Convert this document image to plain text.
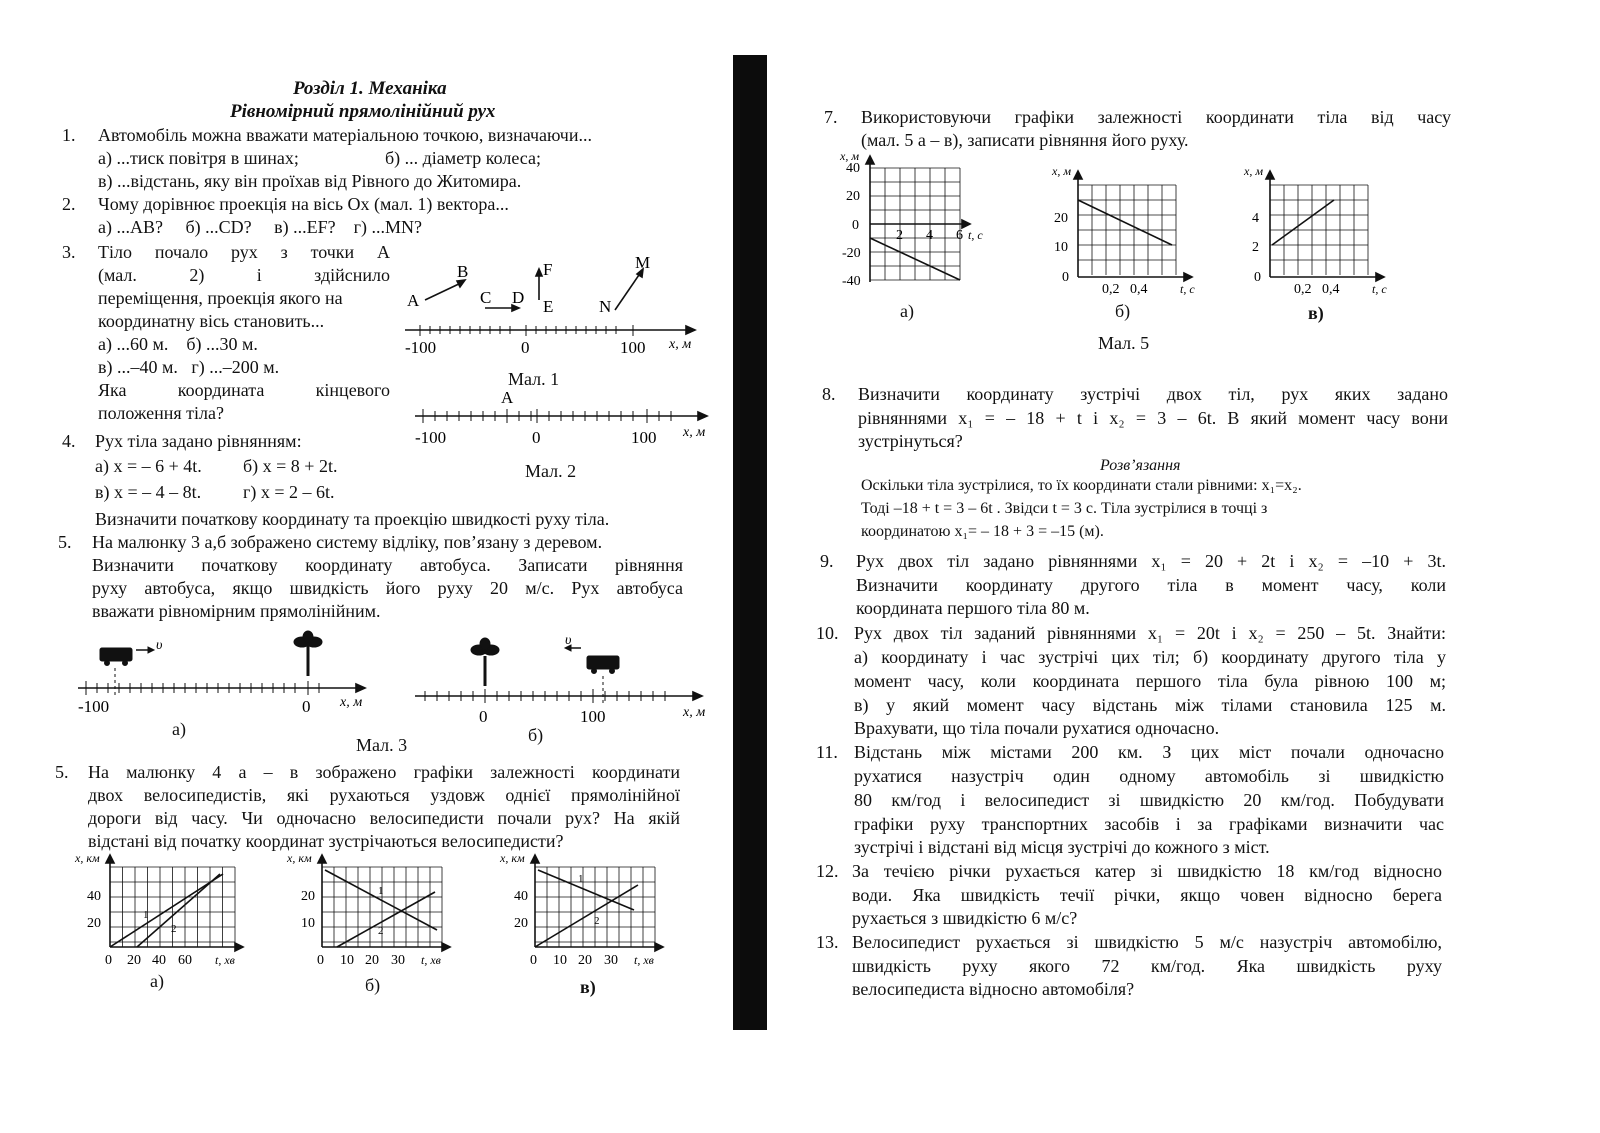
Розділ 1. Механіка
Рівномірний прямолінійний рух
1. Автомобіль можна вважати матеріальною точкою, визначаючи...
а) ...тиск повітря в шинах;	б) ... діаметр колеса;
в) ...відстань, яку він проїхав від Рівного до Житомира.
2. Чому дорівнює проекція на вісь Ох (мал. 1) вектора...
а) ...AB?     б) ...CD?     в) ...EF?    г) ...MN?
3. Тіло почало рух з точки А
(мал. 2) і здійснило
переміщення, проекція якого на
координатну вісь становить...
а) ...60 м.    б) ...30 м.
в) ...–40 м.   г) ...–200 м.
Яка координата кінцевого
положення тіла?
A
B
C D E
F
N
M
-100	0	100 x, м
Мал. 1
A
-100	0	100 x, м
Мал. 2
4. Рух тіла задано рівнянням:
а) x = – 6 + 4t. б) x = 8 + 2t.
в) x = – 4 – 8t. г) x = 2 – 6t.
Визначити початкову координату та проекцію швидкості руху тіла.
5. На малюнку 3 а,б зображено систему відліку, пов’язану з деревом.
Визначити початкову координату автобуса. Записати рівняння
руху автобуса, якщо швидкість його руху 20 м/с. Рух автобуса
вважати рівномірним прямолінійним.
υ
-100	0 x, м
а)
υ
0	100	x, м
б)
Мал. 3
5. На малюнку 4 а – в зображено графіки залежності координати
двох велосипедистів, які рухаються уздовж однієї прямолінійної
дороги від часу. Чи одночасно велосипедисти почали рух? На якій
відстані від початку координат зустрічаються велосипедисти?
x, км
40
20
0 20 40 60 t, хв
1
2
а)
x, км
20
10
0 10 20 30 t, хв
1
2
б)
x, км
40
20
0 10 20 30 t, хв
1
2
в)
7. Використовуючи графіки залежності координати тіла від часу
(мал. 5 а – в), записати рівняння його руху.
x, м
40
20
0
-20
-40
2 4 6 t, с
а)
x, м
20
10
0
0,2 0,4	t, с
б)
x, м
4
2
0
0,2 0,4	t, с
в)
Мал. 5
8. Визначити координату зустрічі двох тіл, рух яких задано
рівняннями x₁ = – 18 + t і x₂ = 3 – 6t. В який момент часу вони
зустрінуться?
Розв’язання
Оскільки тіла зустрілися, то їх координати стали рівними: x₁=x₂.
Тоді –18 + t = 3 – 6t . Звідси t = 3 с. Тіла зустрілися в точці з
координатою x₁= – 18 + 3 = –15 (м).
9. Рух двох тіл задано рівняннями x₁ = 20 + 2t і x₂ = –10 + 3t.
Визначити координату другого тіла в момент часу, коли
координата першого тіла 80 м.
10. Рух двох тіл заданий рівняннями x₁ = 20t і x₂ = 250 – 5t. Знайти:
а) координату і час зустрічі цих тіл; б) координату другого тіла у
момент часу, коли координата першого тіла була рівною 100 м;
в) у який момент часу відстань між тілами становила 125 м.
Врахувати, що тіла почали рухатися одночасно.
11. Відстань між містами 200 км. З цих міст почали одночасно
рухатися назустріч один одному автомобіль зі швидкістю
80 км/год і велосипедист зі швидкістю 20 км/год. Побудувати
графіки руху транспортних засобів і за графіками визначити час
зустрічі і відстані від місця зустрічі до кожного з міст.
12. За течією річки рухається катер зі швидкістю 18 км/год відносно
води. Яка швидкість течії річки, якщо човен відносно берега
рухається з швидкістю 6 м/с?
13. Велосипедист рухається зі швидкістю 5 м/с назустріч автомобілю,
швидкість руху якого 72 км/год. Яка швидкість руху
велосипедиста відносно автомобіля?
